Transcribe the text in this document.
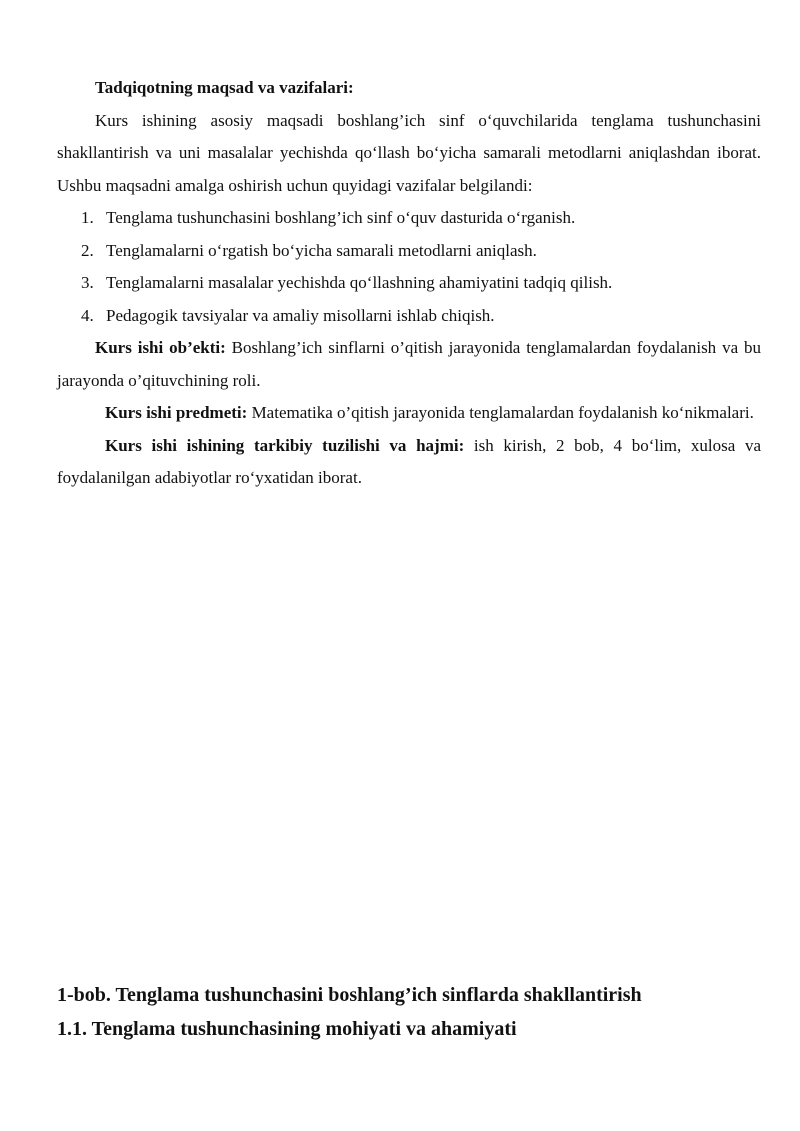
Tadqiqotning maqsad va vazifalari:

Kurs ishining asosiy maqsadi boshlang’ich sinf o‘quvchilarida tenglama tushunchasini shakllantirish va uni masalalar yechishda qo‘llash bo‘yicha samarali metodlarni aniqlashdan iborat. Ushbu maqsadni amalga oshirish uchun quyidagi vazifalar belgilandi:

1. Tenglama tushunchasini boshlang’ich sinf o‘quv dasturida o‘rganish.
2. Tenglamalarni o‘rgatish bo‘yicha samarali metodlarni aniqlash.
3. Tenglamalarni masalalar yechishda qo‘llashning ahamiyatini tadqiq qilish.
4. Pedagogik tavsiyalar va amaliy misollarni ishlab chiqish.

Kurs ishi ob’ekti: Boshlang’ich sinflarni o’qitish jarayonida tenglamalardan foydalanish va bu jarayonda o’qituvchining roli.

Kurs ishi predmeti: Matematika o’qitish jarayonida tenglamalardan foydalanish ko‘nikmalari.

Kurs ishi ishining tarkibiy tuzilishi va hajmi: ish kirish, 2 bob, 4 bo‘lim, xulosa va foydalanilgan adabiyotlar ro‘yxatidan iborat.

1-bob. Tenglama tushunchasini boshlang’ich sinflarda shakllantirish
1.1. Tenglama tushunchasining mohiyati va ahamiyati
